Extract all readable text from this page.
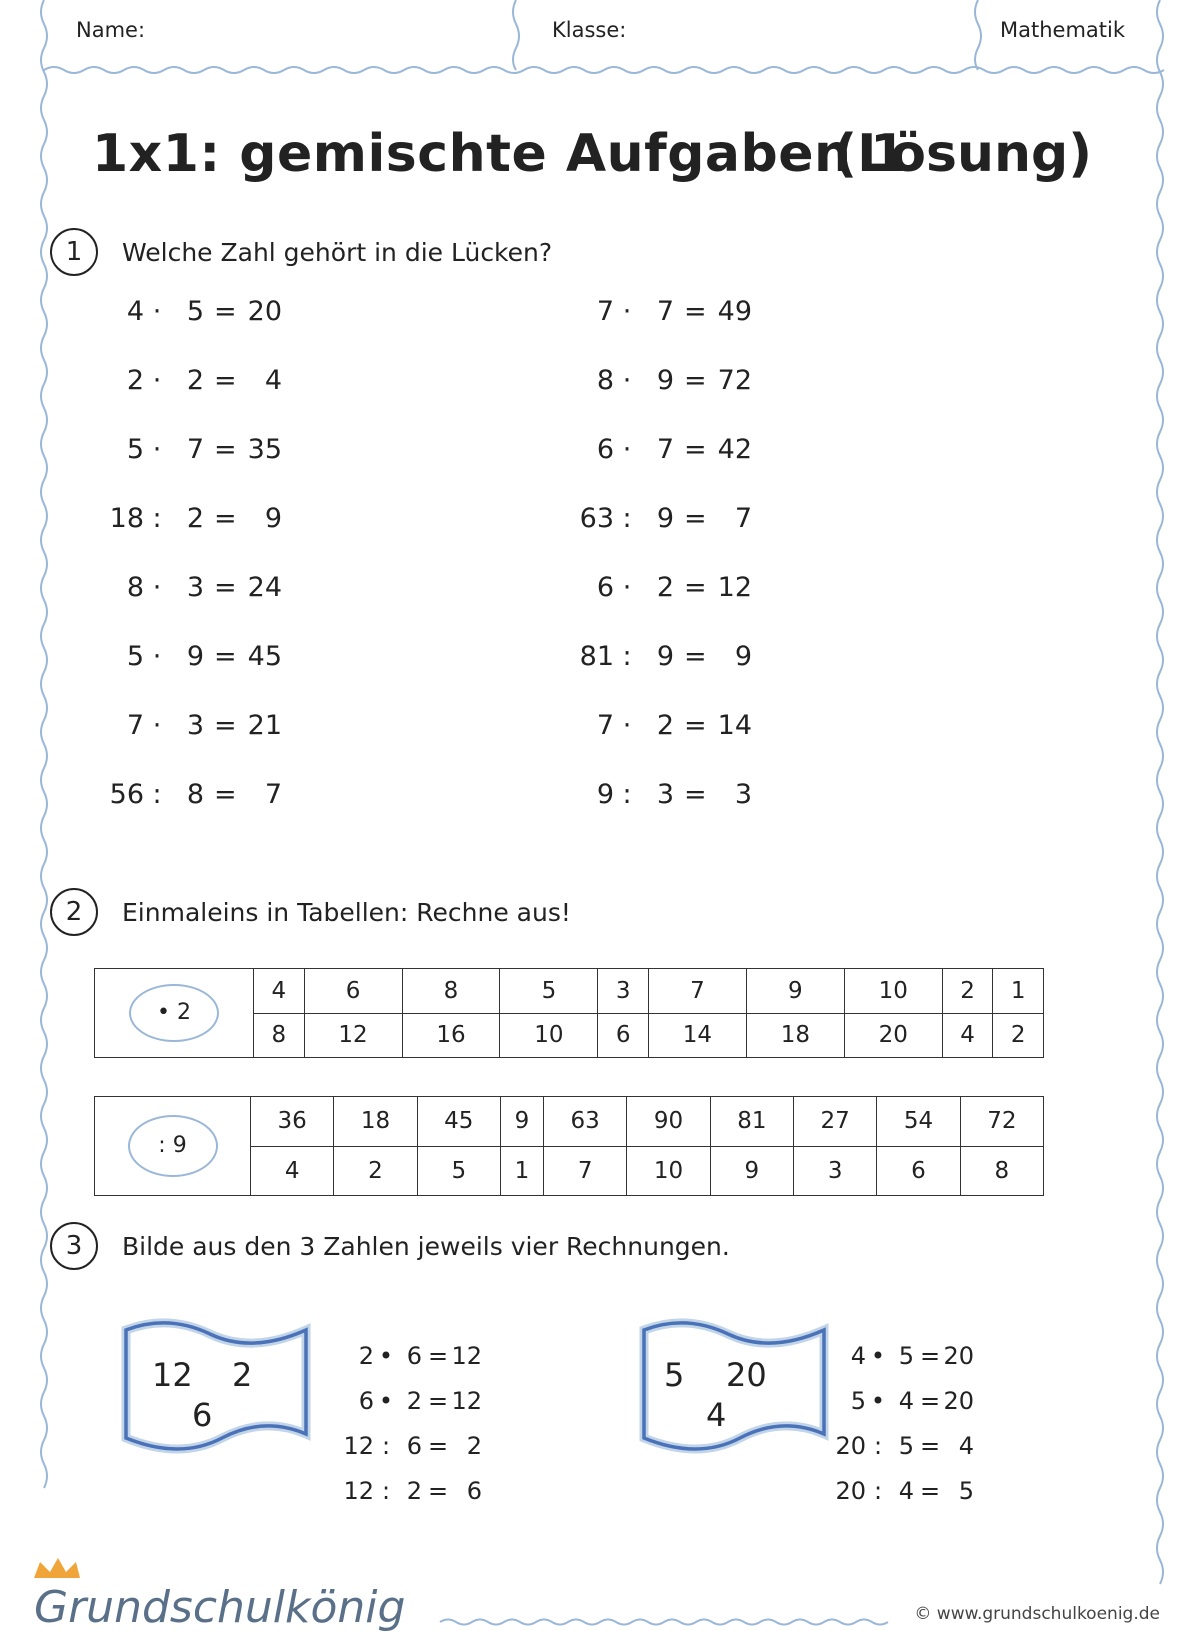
Name:	Klasse:	Mathematik
1x1: gemischte Aufgaben 1
(Lösung)
1	Welche Zahl gehört in die Lücken?
4 · 5 = 20
2 · 2 =	4
5 · 7 = 35
18 : 2 =	9
8 · 3 = 24
5 · 9 = 45
7 · 3 = 21
56 : 8 =	7
7 · 7 = 49
8 · 9 = 72
6 · 7 = 42
63 : 9 =	7
6 · 2 = 12
81 : 9 =	9
7 · 2 = 14
9 : 3 =	3
2	Einmaleins in Tabellen: Rechne aus!
• 2	4	6	8	5	3	7	9	10	2	1
	8	12	16	10	6	14	18	20	4	2
: 9	36	18	45	9	63	90	81	27	54	72
	4	2	5	1	7	10	9	3	6	8
3	Bilde aus den 3 Zahlen jeweils vier Rechnungen.
12 2
6
5 20
4
2 • 6 = 12
6 • 2 = 12
12 : 6 = 2
12 : 2 = 6
4 • 5 = 20
5 • 4 = 20
20 : 5 = 4
20 : 4 = 5
Grundschulkönig	© www.grundschulkoenig.de
